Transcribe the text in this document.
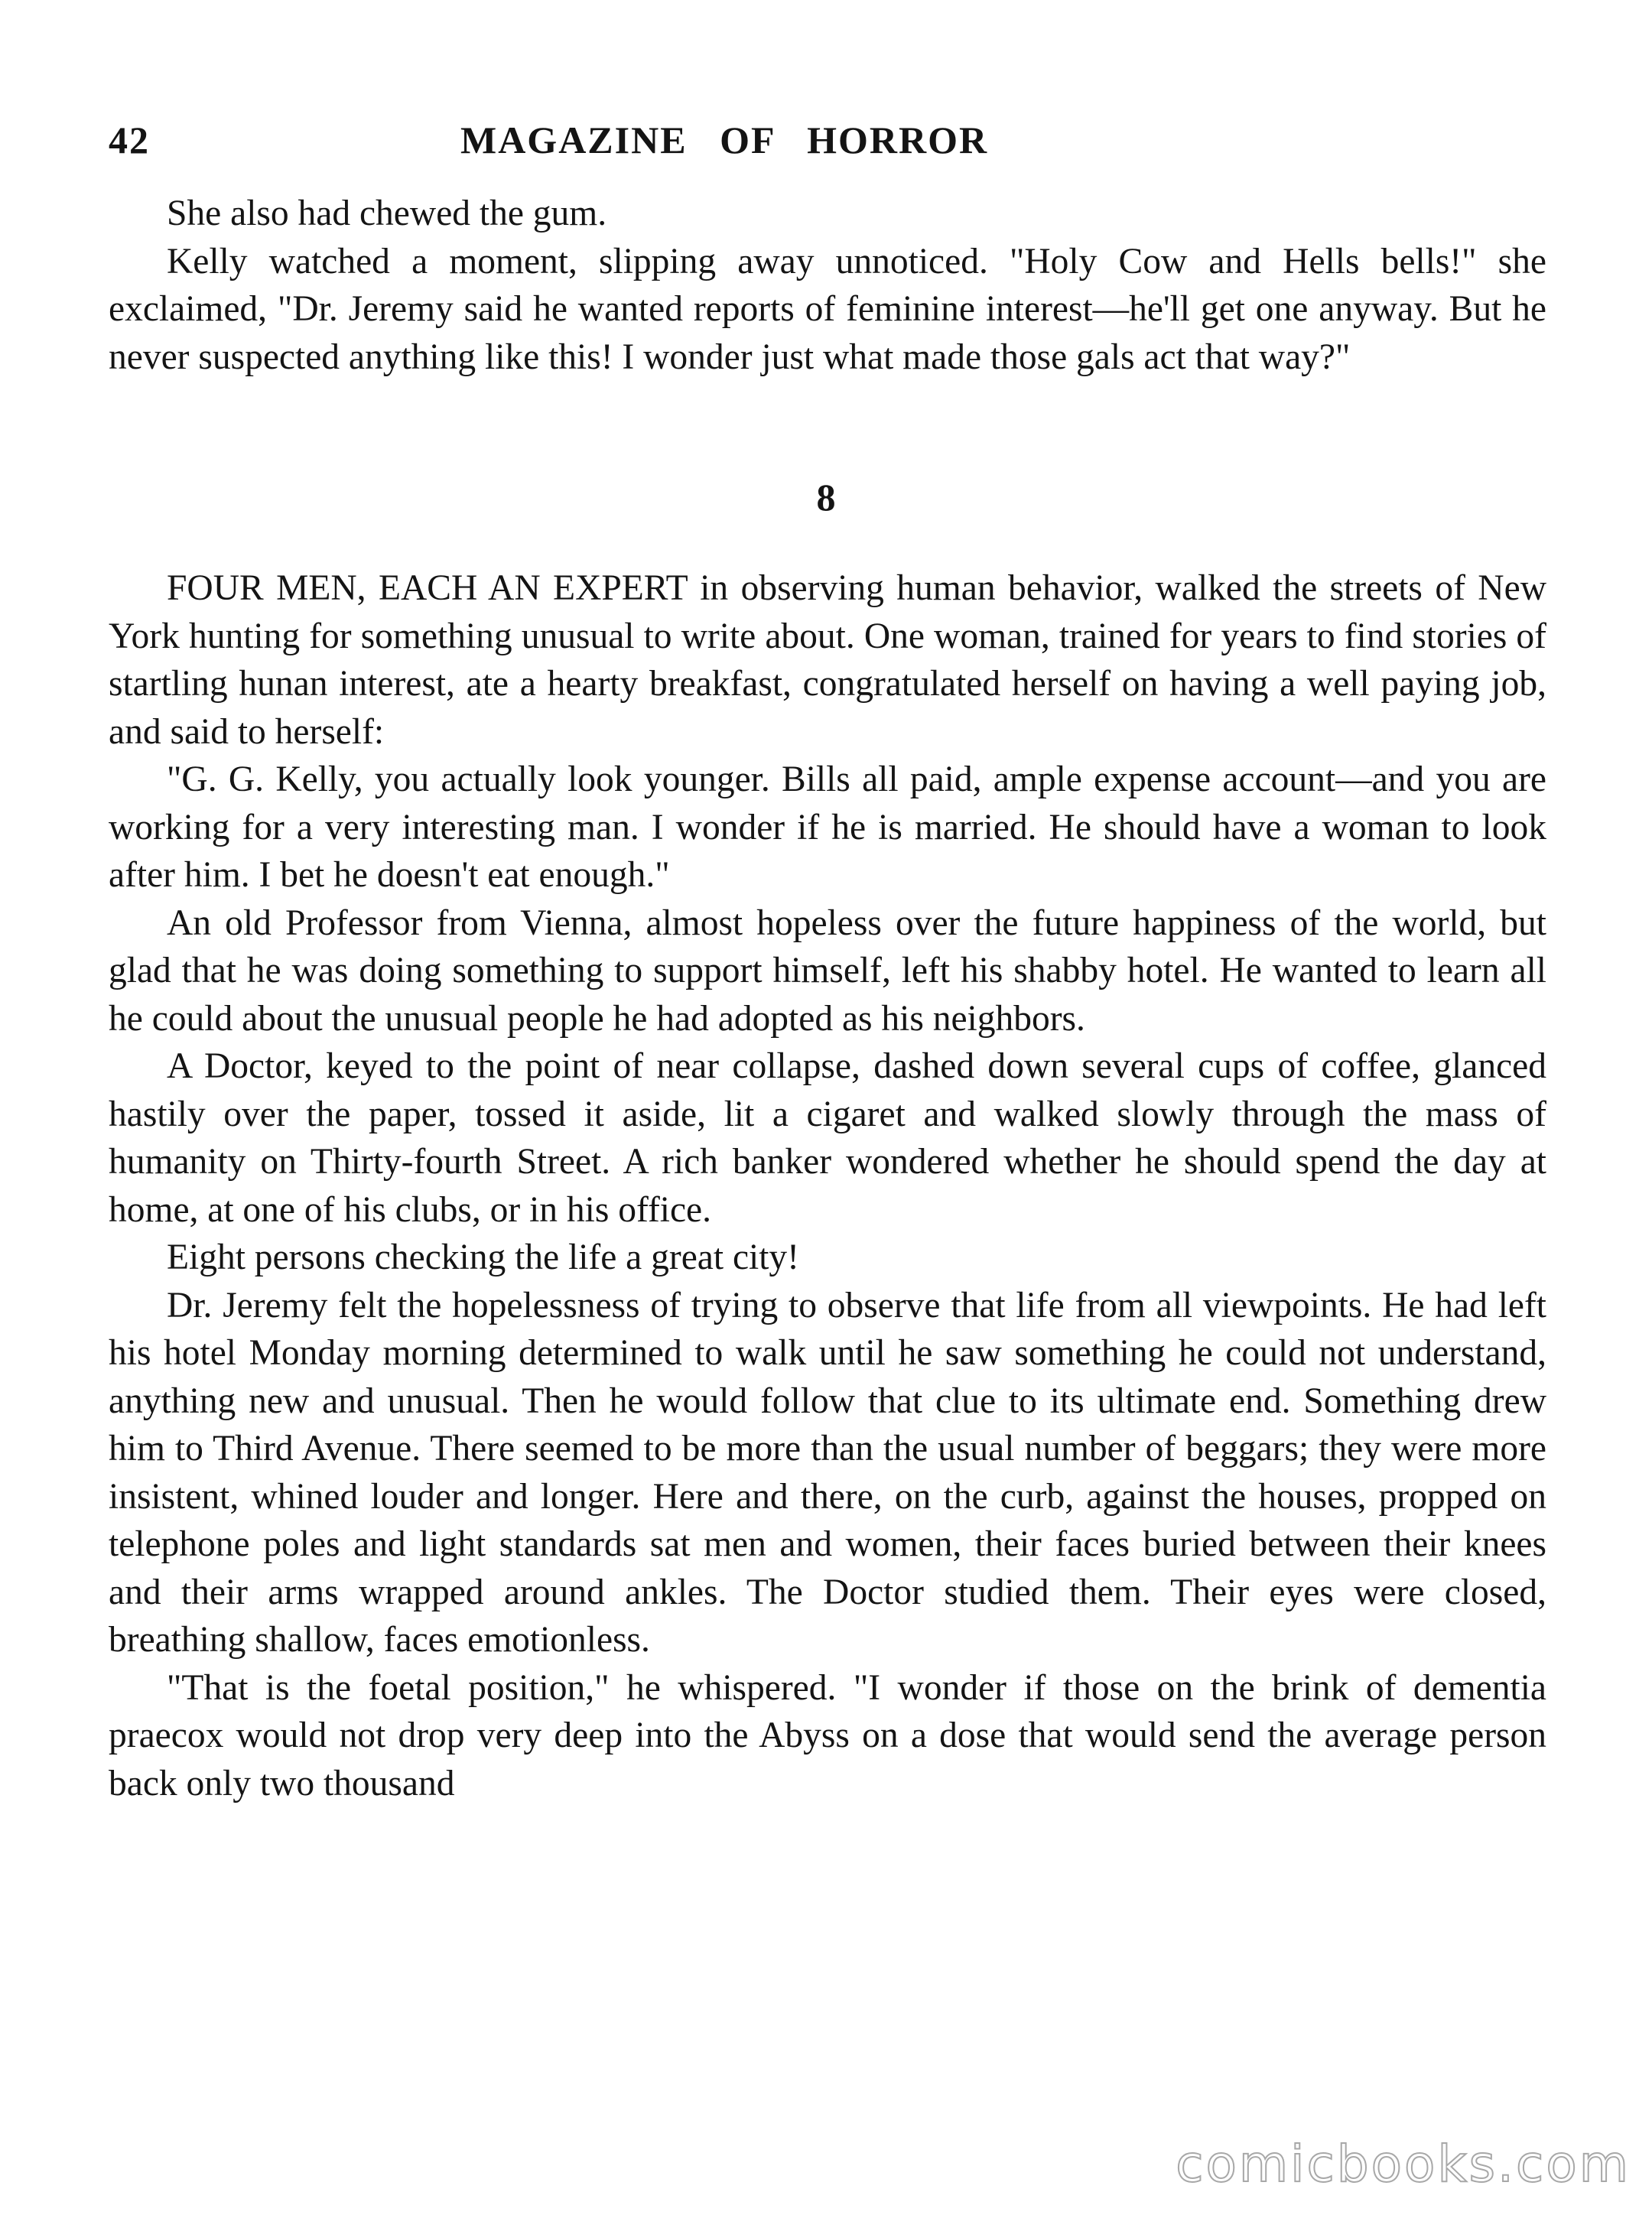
42	MAGAZINE OF HORROR

She also had chewed the gum.

Kelly watched a moment, slipping away unnoticed. "Holy Cow and Hells bells!" she exclaimed, "Dr. Jeremy said he wanted reports of feminine interest—he'll get one anyway. But he never suspected anything like this! I wonder just what made those gals act that way?"

8

FOUR MEN, EACH AN EXPERT in observing human behavior, walked the streets of New York hunting for something unusual to write about. One woman, trained for years to find stories of startling hunan interest, ate a hearty breakfast, congratulated herself on having a well paying job, and said to herself:

"G. G. Kelly, you actually look younger. Bills all paid, ample expense account—and you are working for a very interesting man. I wonder if he is married. He should have a woman to look after him. I bet he doesn't eat enough."

An old Professor from Vienna, almost hopeless over the future happiness of the world, but glad that he was doing something to support himself, left his shabby hotel. He wanted to learn all he could about the unusual people he had adopted as his neighbors.

A Doctor, keyed to the point of near collapse, dashed down several cups of coffee, glanced hastily over the paper, tossed it aside, lit a cigaret and walked slowly through the mass of humanity on Thirty-fourth Street. A rich banker wondered whether he should spend the day at home, at one of his clubs, or in his office.

Eight persons checking the life a great city!

Dr. Jeremy felt the hopelessness of trying to observe that life from all viewpoints. He had left his hotel Monday morning determined to walk until he saw something he could not understand, anything new and unusual. Then he would follow that clue to its ultimate end. Something drew him to Third Avenue. There seemed to be more than the usual number of beggars; they were more insistent, whined louder and longer. Here and there, on the curb, against the houses, propped on telephone poles and light standards sat men and women, their faces buried between their knees and their arms wrapped around ankles. The Doctor studied them. Their eyes were closed, breathing shallow, faces emotionless.

"That is the foetal position," he whispered. "I wonder if those on the brink of dementia praecox would not drop very deep into the Abyss on a dose that would send the average person back only two thousand

comicbooks.com
